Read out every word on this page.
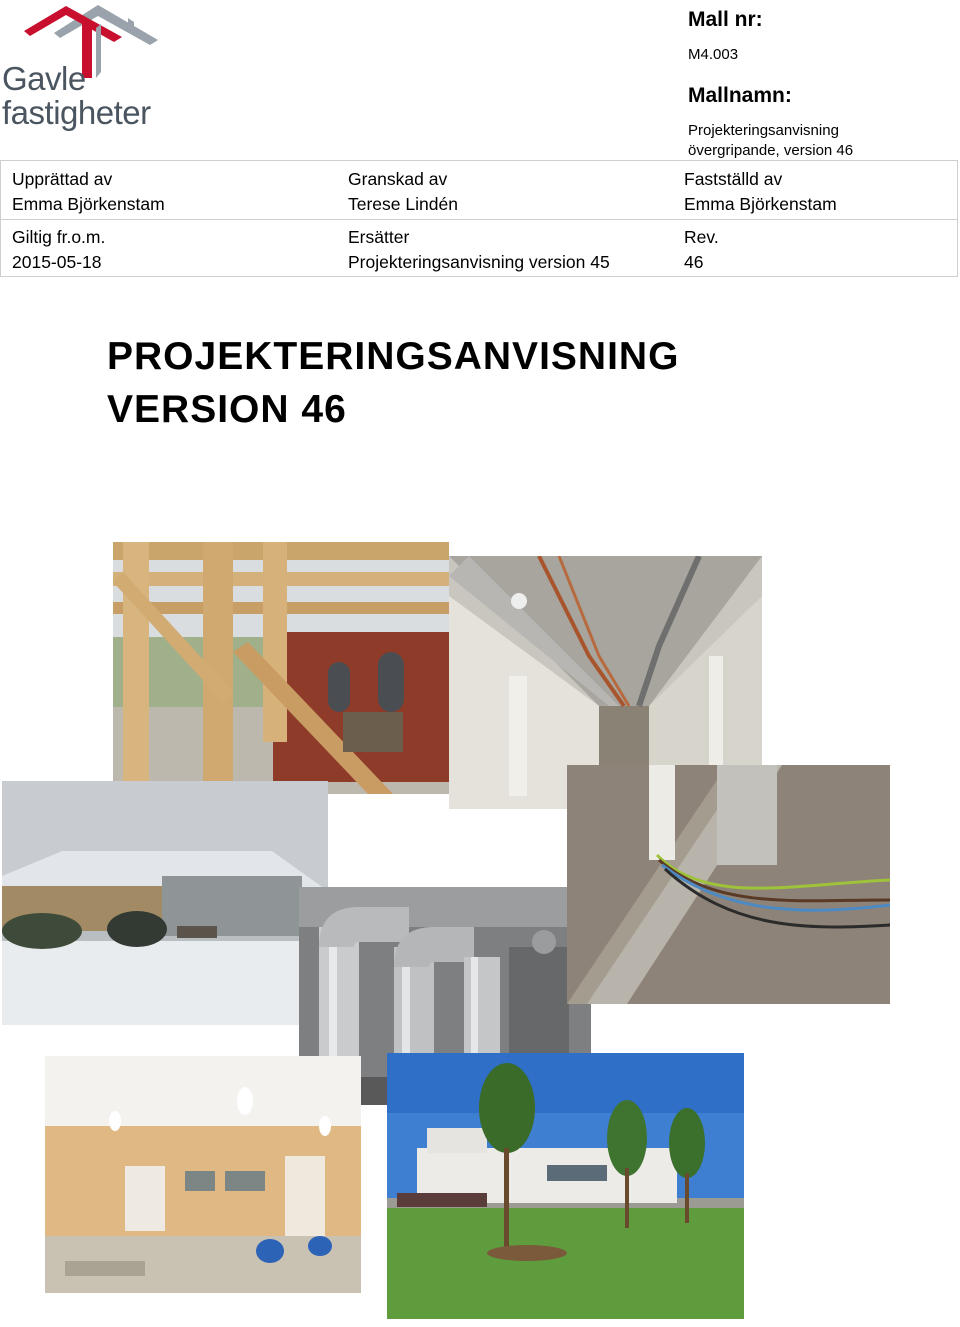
Gavle
fastigheter
Mall nr:
M4.003
Mallnamn:
Projekteringsanvisning
övergripande, version 46
Upprättad av
Emma Björkenstam
Granskad av
Terese Lindén
Fastställd av
Emma Björkenstam
Giltig fr.o.m.
2015-05-18
Ersätter
Projekteringsanvisning version 45
Rev.
46
PROJEKTERINGSANVISNING
VERSION 46
